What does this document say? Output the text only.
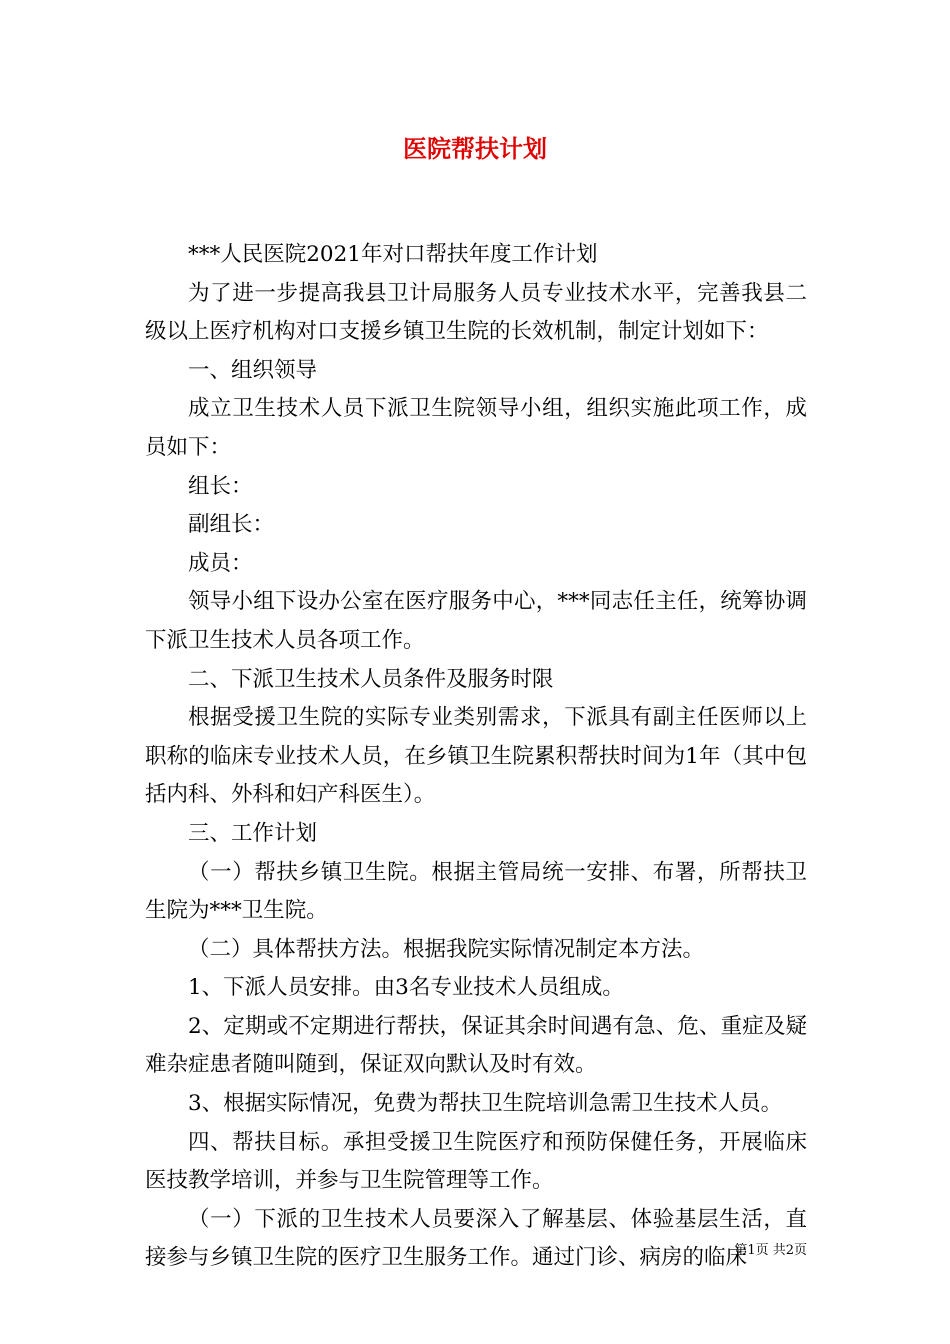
医院帮扶计划

***人民医院2021年对口帮扶年度工作计划

为了进一步提高我县卫计局服务人员专业技术水平，完善我县二级以上医疗机构对口支援乡镇卫生院的长效机制，制定计划如下：

一、组织领导

成立卫生技术人员下派卫生院领导小组，组织实施此项工作，成员如下：

组长：

副组长：

成员：

领导小组下设办公室在医疗服务中心，***同志任主任，统筹协调下派卫生技术人员各项工作。

二、下派卫生技术人员条件及服务时限

根据受援卫生院的实际专业类别需求，下派具有副主任医师以上职称的临床专业技术人员，在乡镇卫生院累积帮扶时间为1年（其中包括内科、外科和妇产科医生）。

三、工作计划

（一）帮扶乡镇卫生院。根据主管局统一安排、布署，所帮扶卫生院为***卫生院。

（二）具体帮扶方法。根据我院实际情况制定本方法。

1、下派人员安排。由3名专业技术人员组成。

2、定期或不定期进行帮扶，保证其余时间遇有急、危、重症及疑难杂症患者随叫随到，保证双向默认及时有效。

3、根据实际情况，免费为帮扶卫生院培训急需卫生技术人员。

四、帮扶目标。承担受援卫生院医疗和预防保健任务，开展临床医技教学培训，并参与卫生院管理等工作。

（一）下派的卫生技术人员要深入了解基层、体验基层生活，直接参与乡镇卫生院的医疗卫生服务工作。通过门诊、病房的临床

第1页 共2页
